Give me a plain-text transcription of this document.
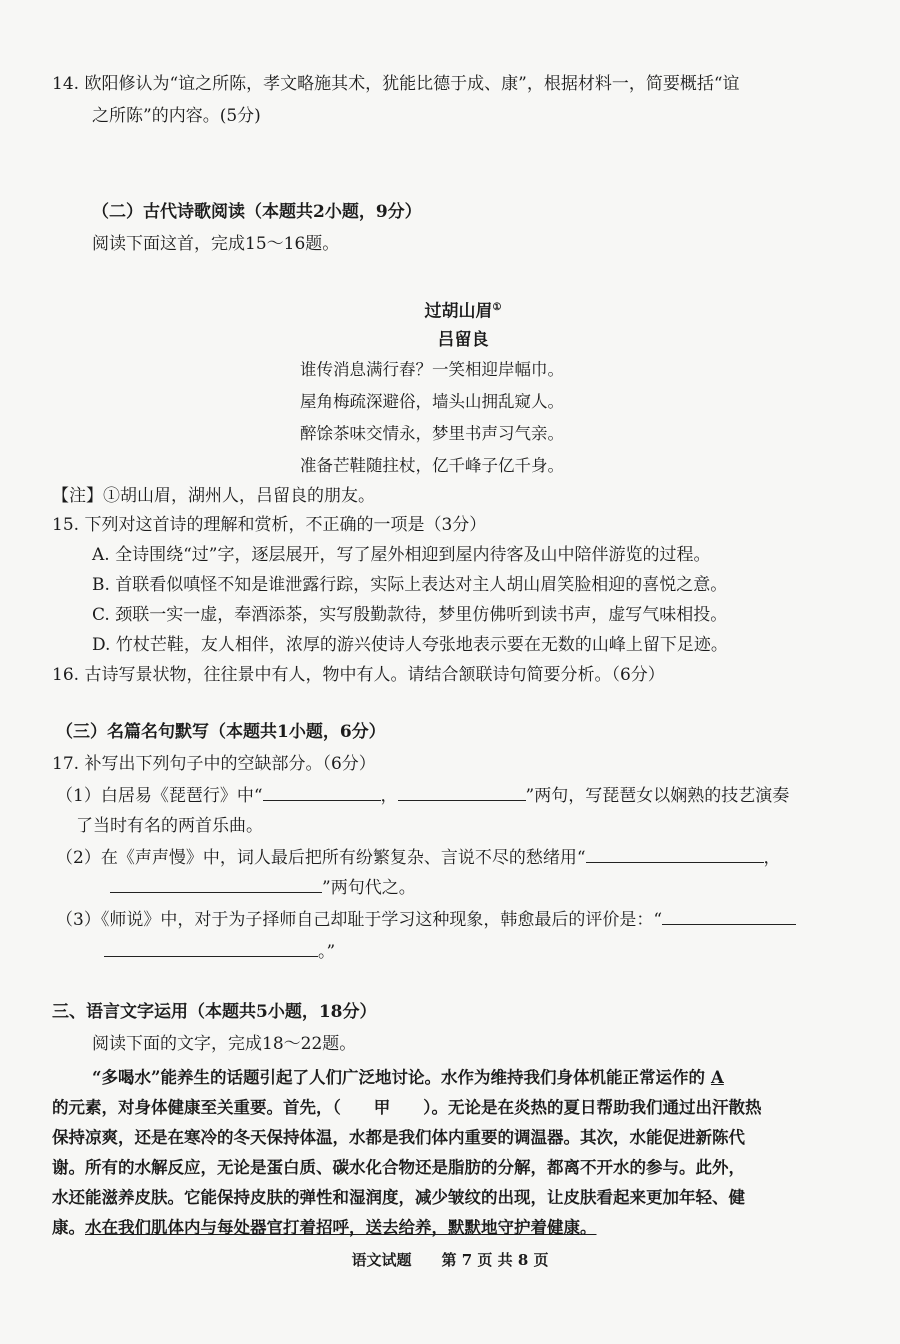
14. 欧阳修认为“谊之所陈，孝文略施其术，犹能比德于成、康”，根据材料一，简要概括“谊
之所陈”的内容。(5分)
（二）古代诗歌阅读（本题共2小题，9分）
阅读下面这首，完成15～16题。
过胡山眉①
吕留良
谁传消息满行舂？一笑相迎岸幅巾。
屋角梅疏深避俗，墙头山拥乱窥人。
醉馀茶味交情永，梦里书声习气亲。
准备芒鞋随拄杖，亿千峰子亿千身。
【注】①胡山眉，湖州人，吕留良的朋友。
15. 下列对这首诗的理解和赏析，不正确的一项是（3分）
A. 全诗围绕“过”字，逐层展开，写了屋外相迎到屋内待客及山中陪伴游览的过程。
B. 首联看似嗔怪不知是谁泄露行踪，实际上表达对主人胡山眉笑脸相迎的喜悦之意。
C. 颈联一实一虚，奉酒添茶，实写殷勤款待，梦里仿佛听到读书声，虚写气味相投。
D. 竹杖芒鞋，友人相伴，浓厚的游兴使诗人夸张地表示要在无数的山峰上留下足迹。
16. 古诗写景状物，往往景中有人，物中有人。请结合颔联诗句简要分析。（6分）
（三）名篇名句默写（本题共1小题，6分）
17. 补写出下列句子中的空缺部分。（6分）
（1）白居易《琵琶行》中“	，	”两句，写琵琶女以娴熟的技艺演奏
了当时有名的两首乐曲。
（2）在《声声慢》中，词人最后把所有纷繁复杂、言说不尽的愁绪用“	，
”两句代之。
（3）《师说》中，对于为子择师自己却耻于学习这种现象，韩愈最后的评价是：“
。”
三、语言文字运用（本题共5小题，18分）
阅读下面的文字，完成18～22题。
“多喝水”能养生的话题引起了人们广泛地讨论。水作为维持我们身体机能正常运作的 A
的元素，对身体健康至关重要。首先，（　　甲　　）。无论是在炎热的夏日帮助我们通过出汗散热
保持凉爽，还是在寒冷的冬天保持体温，水都是我们体内重要的调温器。其次，水能促进新陈代
谢。所有的水解反应，无论是蛋白质、碳水化合物还是脂肪的分解，都离不开水的参与。此外，
水还能滋养皮肤。它能保持皮肤的弹性和湿润度，减少皱纹的出现，让皮肤看起来更加年轻、健
康。水在我们肌体内与每处器官打着招呼，送去给养，默默地守护着健康。
语文试题　　第 7 页 共 8 页
